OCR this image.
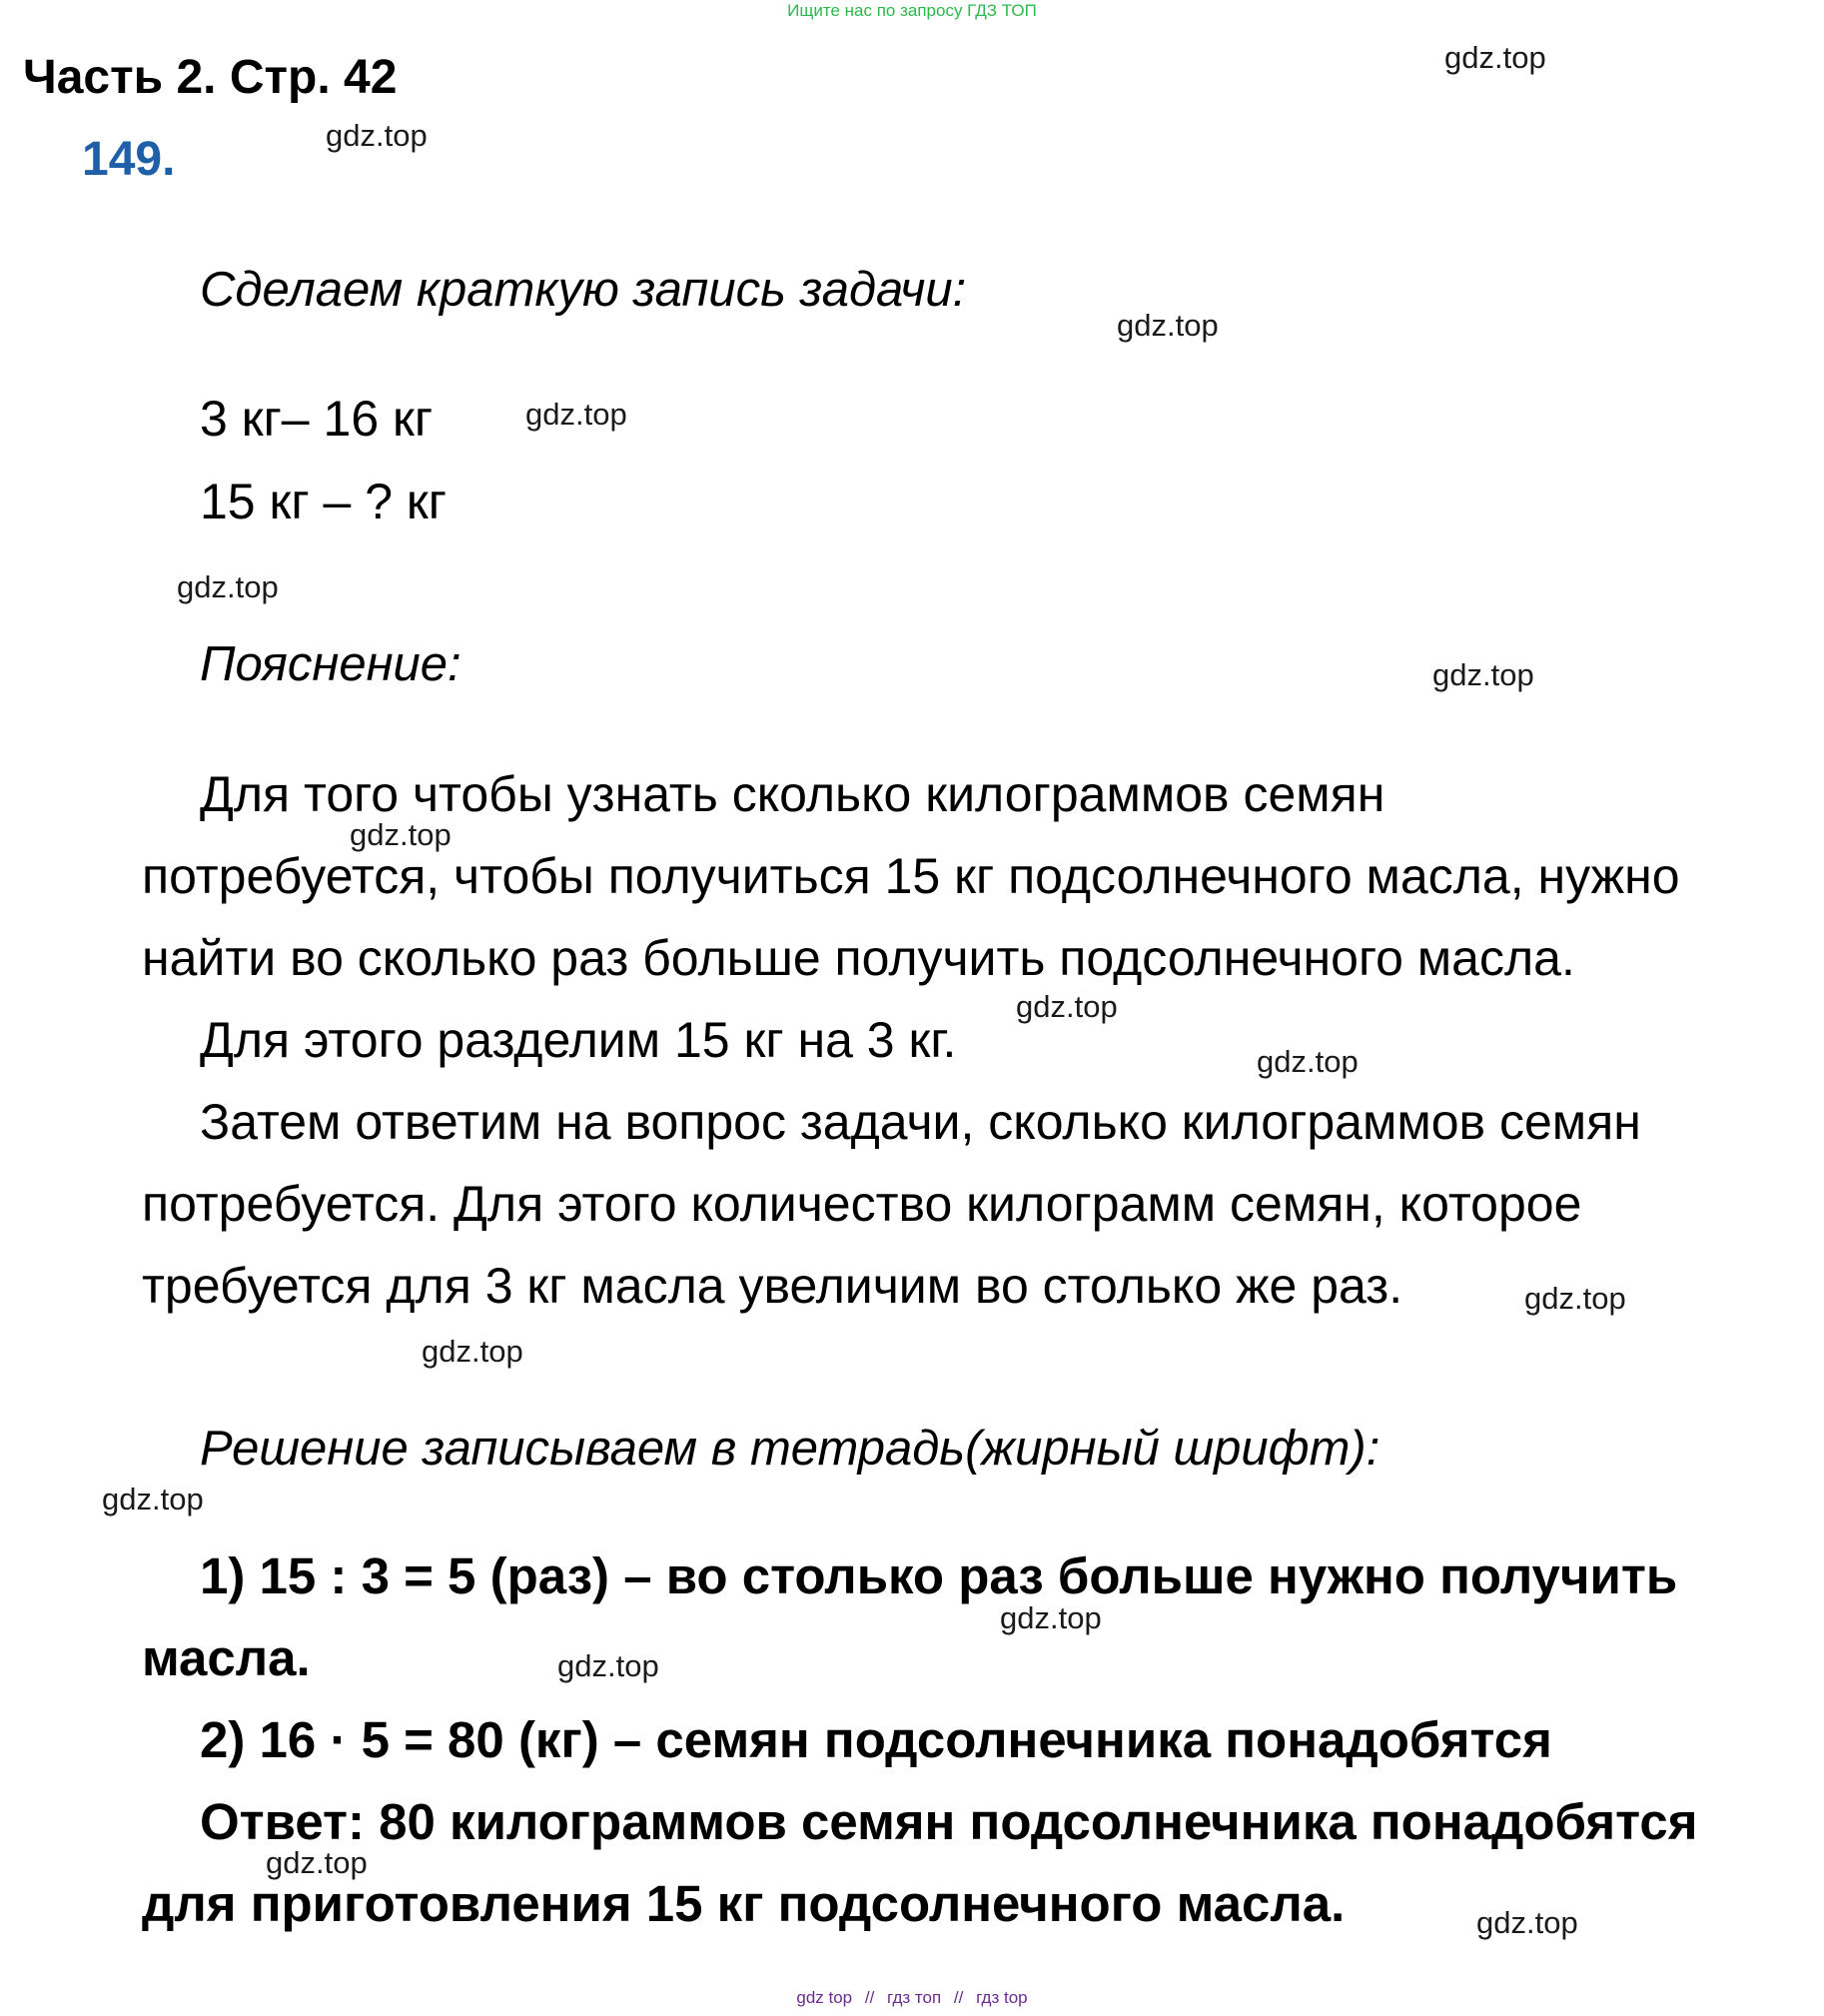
Ищите нас по запросу ГДЗ ТОП
Часть 2. Стр. 42
149.
Сделаем краткую запись задачи:
3 кг– 16 кг
15 кг – ? кг
Пояснение:
Для того чтобы узнать сколько килограммов семян
потребуется, чтобы получиться 15 кг подсолнечного масла, нужно
найти во сколько раз больше получить подсолнечного масла.
Для этого разделим 15 кг на 3 кг.
Затем ответим на вопрос задачи, сколько килограммов семян
потребуется. Для этого количество килограмм семян, которое
требуется для 3 кг масла увеличим во столько же раз.
Решение записываем в тетрадь(жирный шрифт):
1) 15 : 3 = 5 (раз) – во столько раз больше нужно получить
масла.
2) 16 · 5 = 80 (кг) – семян подсолнечника понадобятся
Ответ: 80 килограммов семян подсолнечника понадобятся
для приготовления 15 кг подсолнечного масла.
gdz.top
gdz.top
gdz.top
gdz.top
gdz.top
gdz.top
gdz.top
gdz.top
gdz.top
gdz.top
gdz.top
gdz.top
gdz.top
gdz.top
gdz.top
gdz.top
gdz top // гдз топ // гдз top
